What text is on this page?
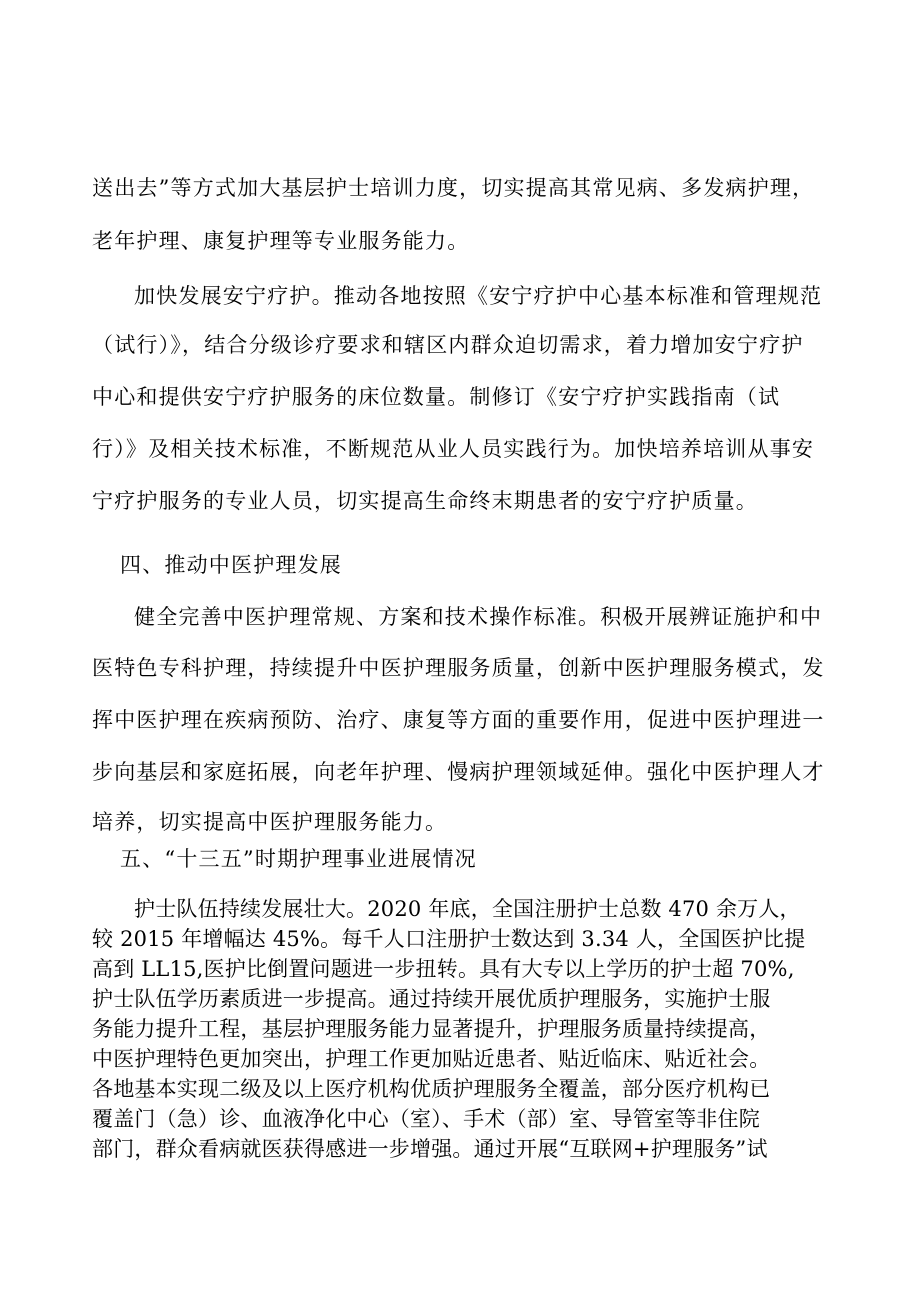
送出去”等方式加大基层护士培训力度，切实提高其常见病、多发病护理，
老年护理、康复护理等专业服务能力。
加快发展安宁疗护。推动各地按照《安宁疗护中心基本标准和管理规范
（试行）》，结合分级诊疗要求和辖区内群众迫切需求，着力增加安宁疗护
中心和提供安宁疗护服务的床位数量。制修订《安宁疗护实践指南（试
行）》及相关技术标准，不断规范从业人员实践行为。加快培养培训从事安
宁疗护服务的专业人员，切实提高生命终末期患者的安宁疗护质量。
四、推动中医护理发展
健全完善中医护理常规、方案和技术操作标准。积极开展辨证施护和中
医特色专科护理，持续提升中医护理服务质量，创新中医护理服务模式，发
挥中医护理在疾病预防、治疗、康复等方面的重要作用，促进中医护理进一
步向基层和家庭拓展，向老年护理、慢病护理领域延伸。强化中医护理人才
培养，切实提高中医护理服务能力。
五、“十三五”时期护理事业进展情况
护士队伍持续发展壮大。2020 年底，全国注册护士总数 470 余万人，
较 2015 年增幅达 45%。每千人口注册护士数达到 3.34 人，全国医护比提
高到 LL15,医护比倒置问题进一步扭转。具有大专以上学历的护士超 70%,
护士队伍学历素质进一步提高。通过持续开展优质护理服务，实施护士服
务能力提升工程，基层护理服务能力显著提升，护理服务质量持续提高，
中医护理特色更加突出，护理工作更加贴近患者、贴近临床、贴近社会。
各地基本实现二级及以上医疗机构优质护理服务全覆盖，部分医疗机构已
覆盖门（急）诊、血液净化中心（室）、手术（部）室、导管室等非住院
部门，群众看病就医获得感进一步增强。通过开展“互联网+护理服务”试
